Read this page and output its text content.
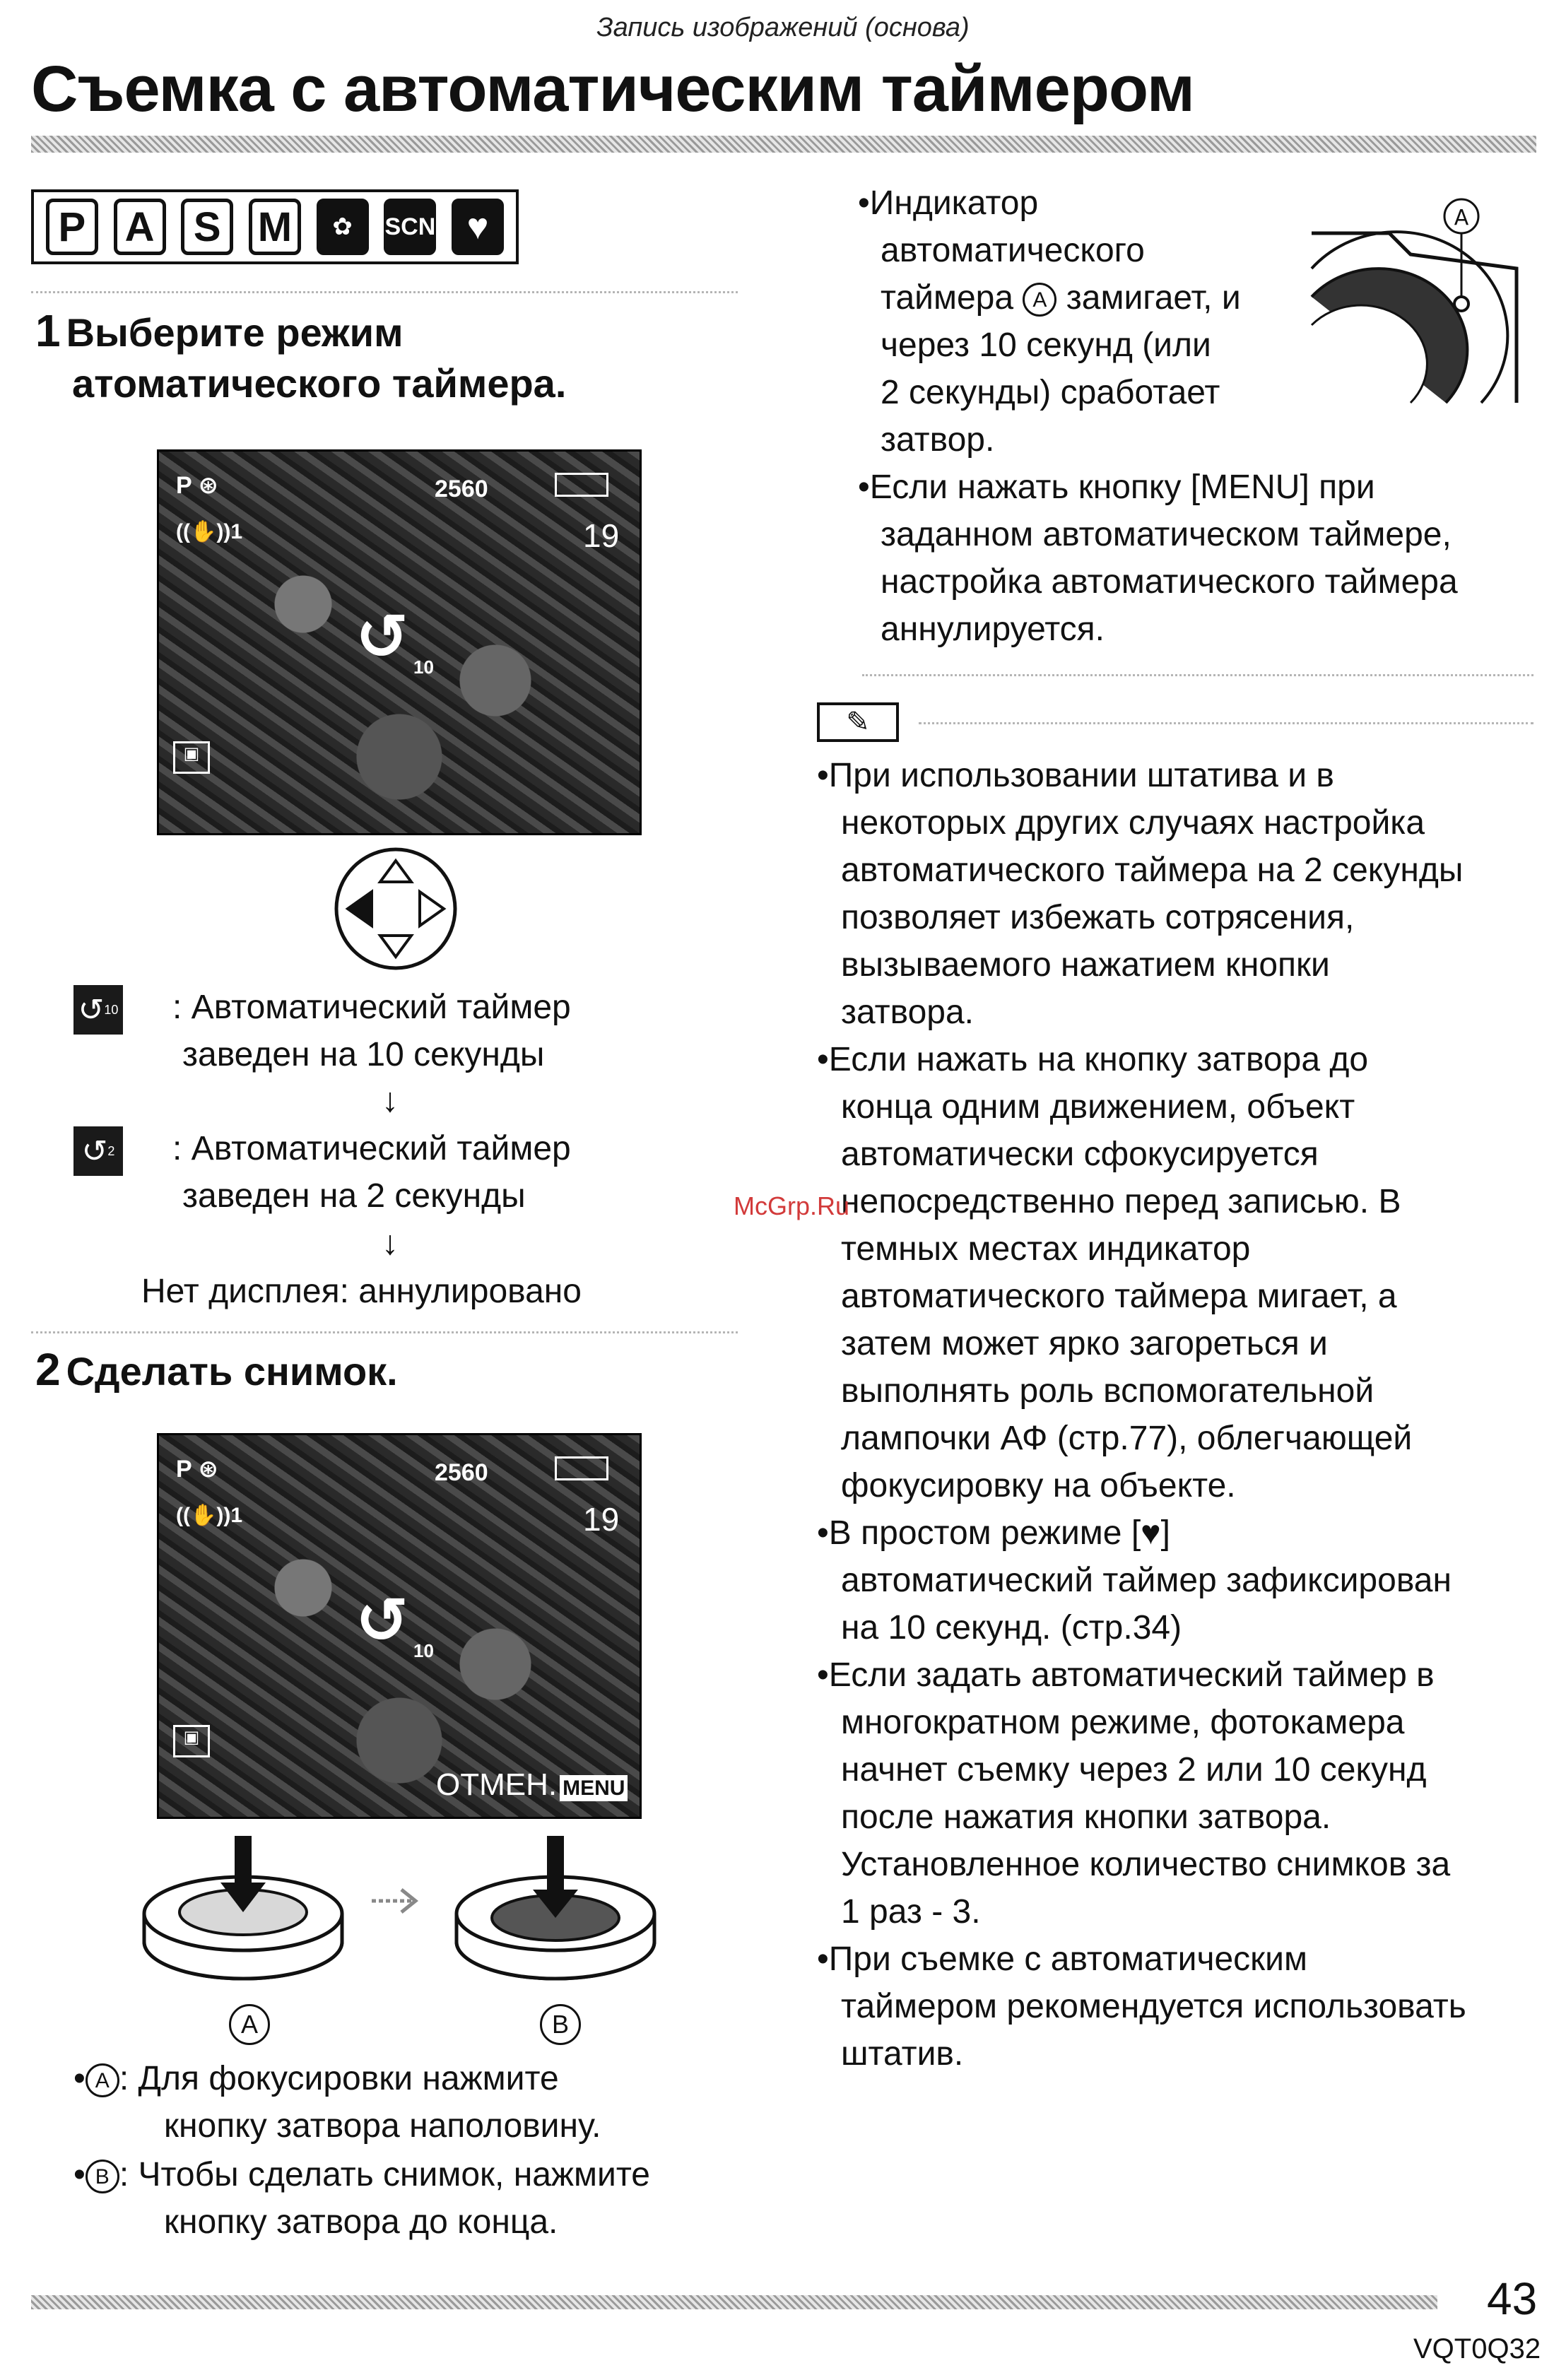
Запись изображений (основа)
Съемка с автоматическим таймером
P A S M	✿	SCN ♥
1 Выберите режим
атоматического таймера.
P ⊛	2560
((✋))1	19
↺ 10
▣
↺ 10 : Автоматический таймер
заведен на 10 секунды
↓
↺ 2 : Автоматический таймер
заведен на 2 секунды
↓
Нет дисплея: аннулировано
2 Сделать снимок.
P ⊛	2560
((✋))1	19
↺ 10
▣
ОТМЕН. MENU
A	B
• A : Для фокусировки нажмите
кнопку затвора наполовину.
• B : Чтобы сделать снимок, нажмите
кнопку затвора до конца.
•Индикатор
автоматического
таймера A замигает, и
через 10 секунд (или
2 секунды) сработает
затвор.
A
•Если нажать кнопку [MENU] при
заданном автоматическом таймере,
настройка автоматического таймера
аннулируется.
✎
•При использовании штатива и в
некоторых других случаях настройка
автоматического таймера на 2 секунды
позволяет избежать сотрясения,
вызываемого нажатием кнопки
затвора.
•Если нажать на кнопку затвора до
конца одним движением, объект
автоматически сфокусируется
непосредственно перед записью. В
темных местах индикатор
автоматического таймера мигает, а
затем может ярко загореться и
выполнять роль вспомогательной
лампочки АФ (стр.77), облегчающей
фокусировку на объекте.
•В простом режиме [♥]
автоматический таймер зафиксирован
на 10 секунд. (стр.34)
•Если задать автоматический таймер в
многократном режиме, фотокамера
начнет съемку через 2 или 10 секунд
после нажатия кнопки затвора.
Установленное количество снимков за
1 раз - 3.
•При съемке с автоматическим
таймером рекомендуется использовать
штатив.
McGrp.Ru
43
VQT0Q32
